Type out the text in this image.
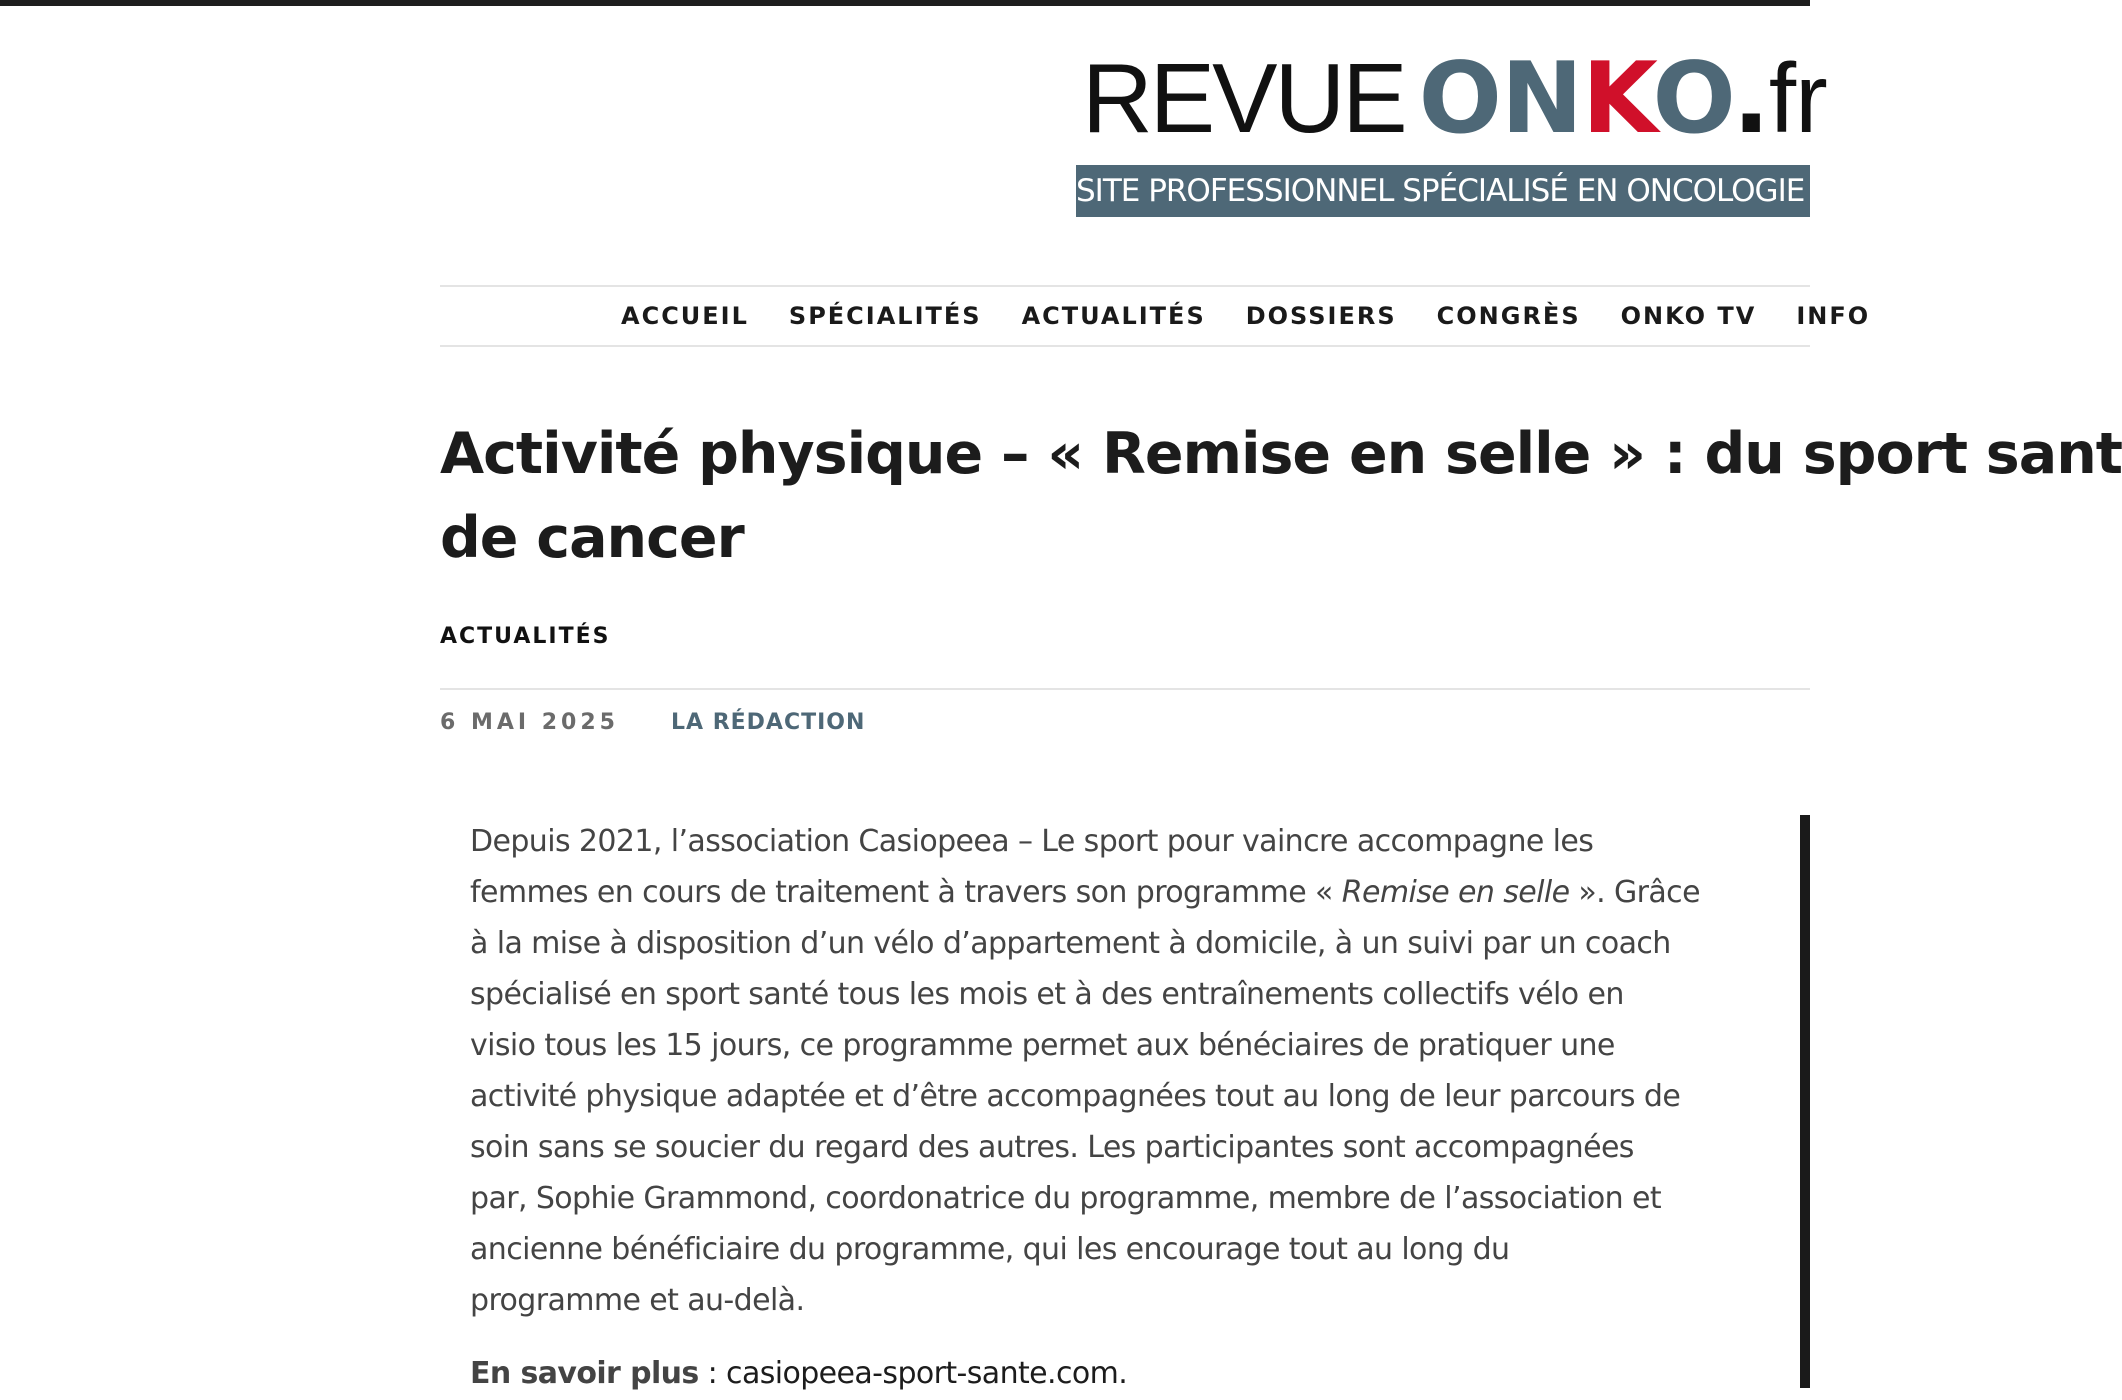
REVUE ONKO.fr
SITE PROFESSIONNEL SPÉCIALISÉ EN ONCOLOGIE
ACCUEIL SPÉCIALITÉS ACTUALITÉS DOSSIERS CONGRÈS ONKO TV INFO
Activité physique – « Remise en selle » : du sport sant
de cancer
ACTUALITÉS
6 MAI 2025 LA RÉDACTION
Depuis 2021, l’association Casiopeea – Le sport pour vaincre accompagne les
femmes en cours de traitement à travers son programme « Remise en selle ». Grâce
à la mise à disposition d’un vélo d’appartement à domicile, à un suivi par un coach
spécialisé en sport santé tous les mois et à des entraînements collectifs vélo en
visio tous les 15 jours, ce programme permet aux bénéciaires de pratiquer une
activité physique adaptée et d’être accompagnées tout au long de leur parcours de
soin sans se soucier du regard des autres. Les participantes sont accompagnées
par, Sophie Grammond, coordonatrice du programme, membre de l’association et
ancienne bénéficiaire du programme, qui les encourage tout au long du
programme et au-delà.
En savoir plus : casiopeea-sport-sante.com.
